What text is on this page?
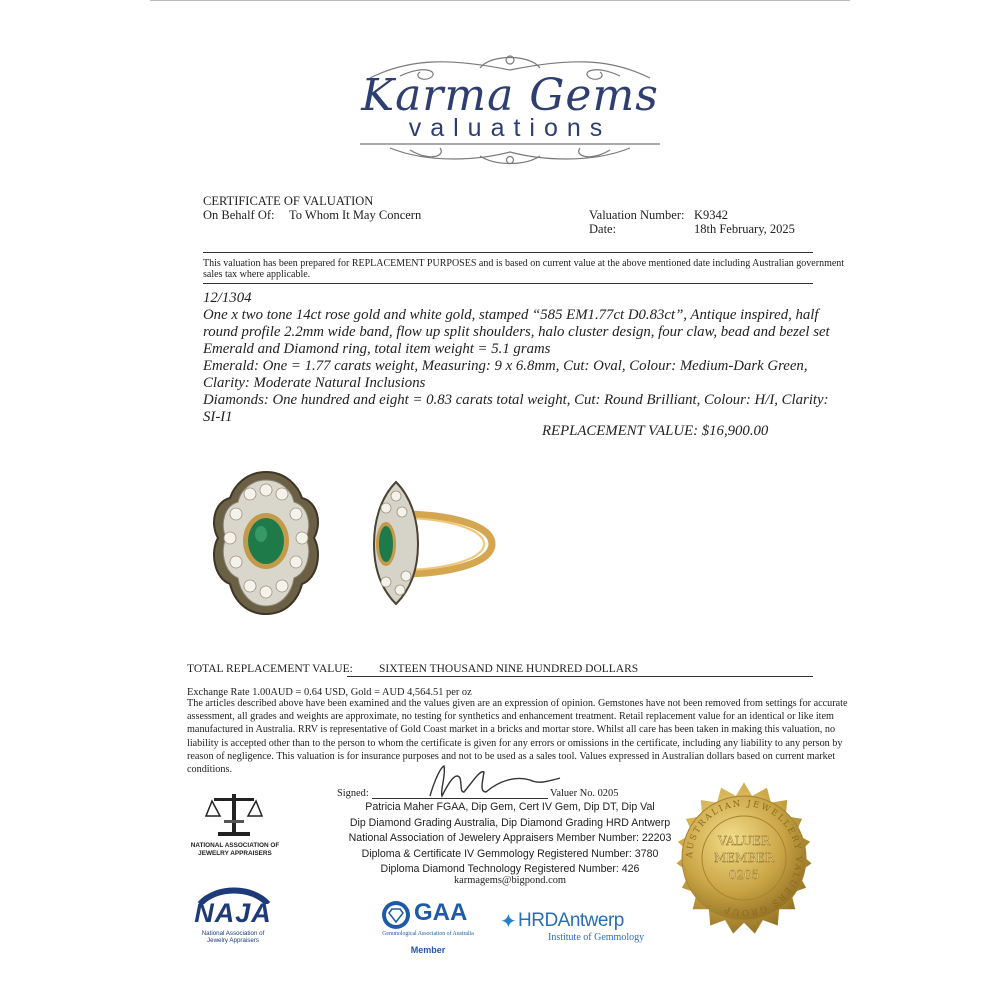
Karma Gems
valuations
CERTIFICATE OF VALUATION
On Behalf Of: To Whom It May Concern	Valuation Number: K9342
Date:	18th February, 2025
This valuation has been prepared for REPLACEMENT PURPOSES and is based on current value at the above mentioned date including Australian government
sales tax where applicable.
12/1304
One x two tone 14ct rose gold and white gold, stamped “585 EM1.77ct D0.83ct”, Antique inspired, half
round profile 2.2mm wide band, flow up split shoulders, halo cluster design, four claw, bead and bezel set
Emerald and Diamond ring, total item weight = 5.1 grams
Emerald: One = 1.77 carats weight, Measuring: 9 x 6.8mm, Cut: Oval, Colour: Medium-Dark Green,
Clarity: Moderate Natural Inclusions
Diamonds: One hundred and eight = 0.83 carats total weight, Cut: Round Brilliant, Colour: H/I, Clarity:
SI-I1
REPLACEMENT VALUE: $16,900.00
TOTAL REPLACEMENT VALUE:	SIXTEEN THOUSAND NINE HUNDRED DOLLARS
Exchange Rate 1.00AUD = 0.64 USD, Gold = AUD 4,564.51 per oz
The articles described above have been examined and the values given are an expression of opinion. Gemstones have not been removed from settings for accurate
assessment, all grades and weights are approximate, no testing for synthetics and enhancement treatment. Retail replacement value for an identical or like item
manufactured in Australia. RRV is representative of Gold Coast market in a bricks and mortar store. Whilst all care has been taken in making this valuation, no
liability is accepted other than to the person to whom the certificate is given for any errors or omissions in the certificate, including any liability to any person by
reason of negligence. This valuation is for insurance purposes and not to be used as a sales tool. Values expressed in Australian dollars based on current market
conditions.
Signed:	Valuer No. 0205
Patricia Maher FGAA, Dip Gem, Cert IV Gem, Dip DT, Dip Val
Dip Diamond Grading Australia, Dip Diamond Grading HRD Antwerp
National Association of Jewelery Appraisers Member Number: 22203
Diploma & Certificate IV Gemmology Registered Number: 3780
Diploma Diamond Technology Registered Number: 426
karmagems@bigpond.com
NATIONAL ASSOCIATION OF
JEWELRY APPRAISERS
NAJA
National Association of
Jewelry Appraisers
GAA
Gemmological Association of Australia
Member
✦ HRDAntwerp
Institute of Gemmology
AUSTRALIAN JEWELLERY VALUERS GROUP
VALUER
MEMBER
0205
